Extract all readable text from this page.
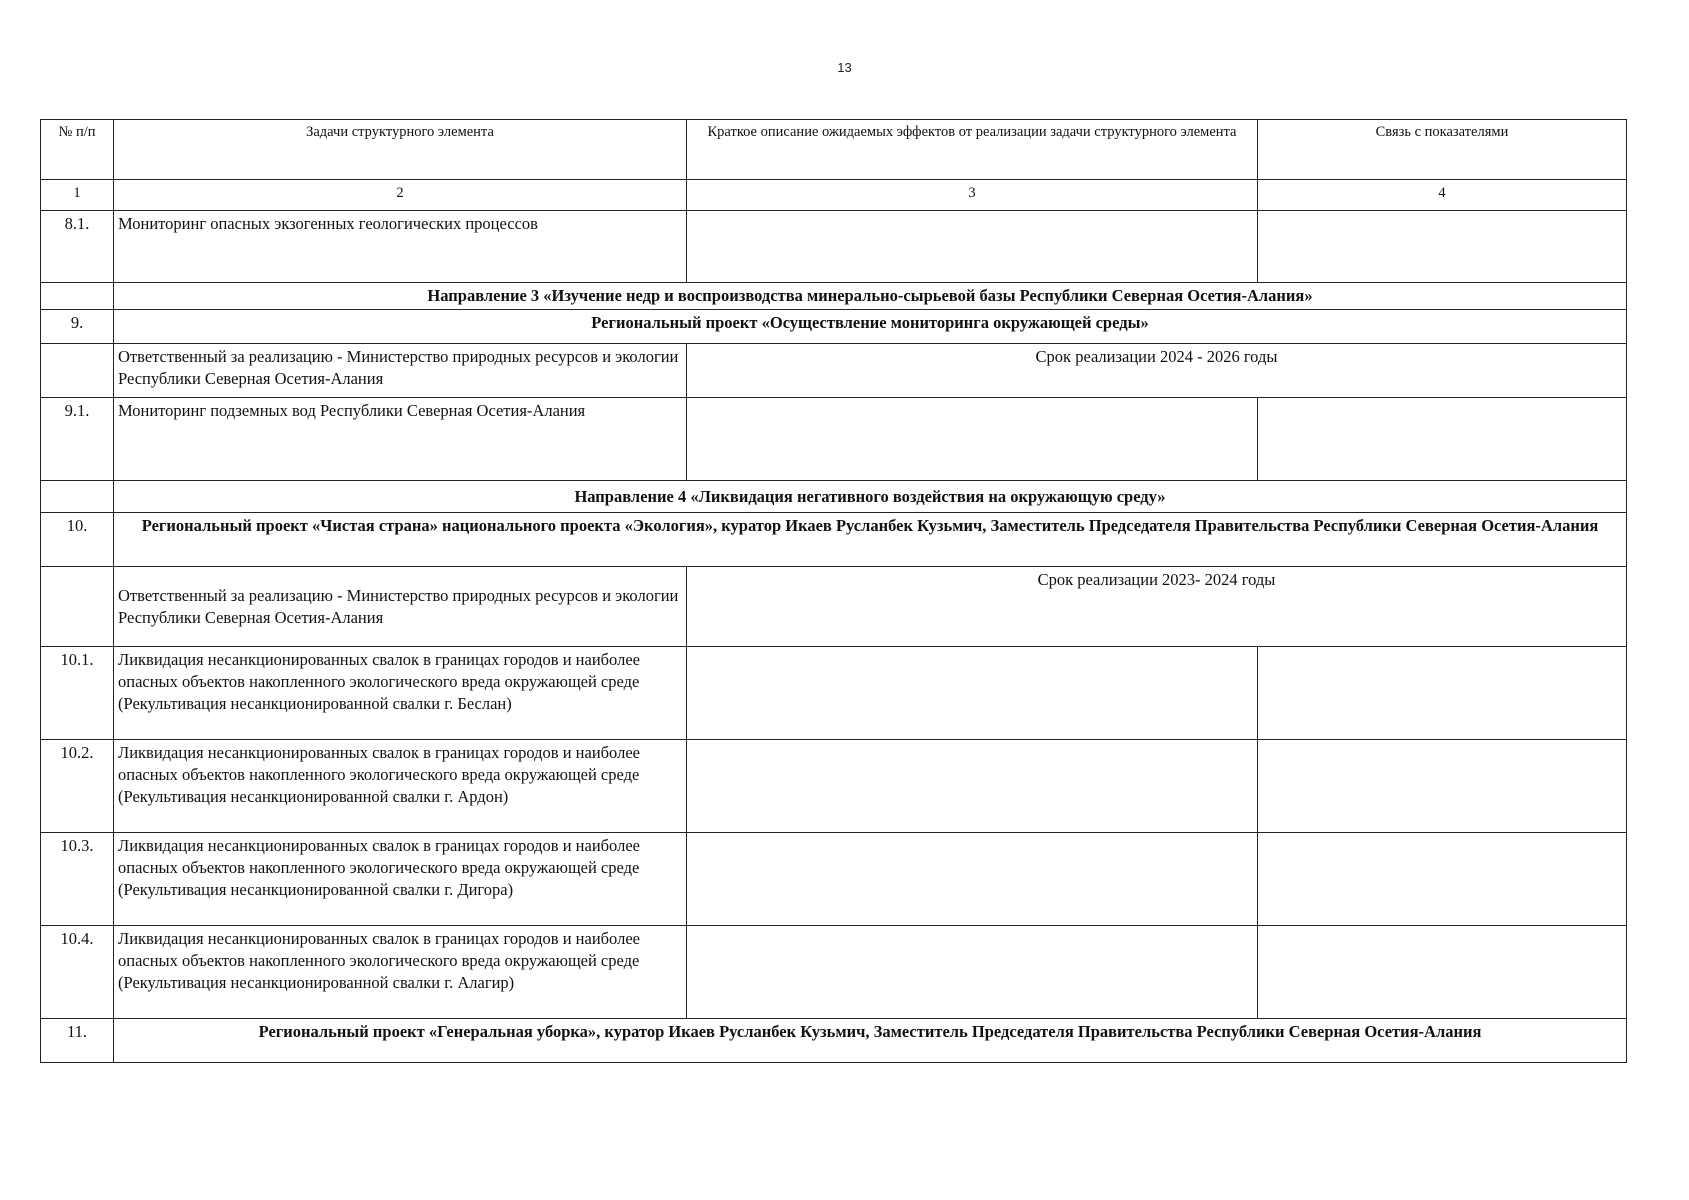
13
№ п/п	Задачи структурного элемента	Краткое описание ожидаемых эффектов от реализации задачи структурного элемента	Связь с показателями
1	2	3	4
8.1.	Мониторинг опасных экзогенных геологических процессов		
	Направление 3 «Изучение недр и воспроизводства минерально-сырьевой базы Республики Северная Осетия-Алания»		
9.	Региональный проект «Осуществление мониторинга окружающей среды»		
	Ответственный за реализацию - Министерство природных ресурсов и экологии Республики Северная Осетия-Алания	Срок реализации 2024 - 2026 годы	
9.1.	Мониторинг подземных вод Республики Северная Осетия-Алания		
	Направление 4 «Ликвидация негативного воздействия на окружающую среду»		
10.	Региональный проект «Чистая страна» национального проекта «Экология», куратор Икаев Русланбек Кузьмич, Заместитель Председателя Правительства Республики Северная Осетия-Алания		
	Ответственный за реализацию - Министерство природных ресурсов и экологии Республики Северная Осетия-Алания	Срок реализации 2023- 2024 годы	
10.1.	Ликвидация несанкционированных свалок в границах городов и наиболее опасных объектов накопленного экологического вреда окружающей среде (Рекультивация несанкционированной свалки г. Беслан)		
10.2.	Ликвидация несанкционированных свалок в границах городов и наиболее опасных объектов накопленного экологического вреда окружающей среде (Рекультивация несанкционированной свалки г. Ардон)		
10.3.	Ликвидация несанкционированных свалок в границах городов и наиболее опасных объектов накопленного экологического вреда окружающей среде (Рекультивация несанкционированной свалки г. Дигора)		
10.4.	Ликвидация несанкционированных свалок в границах городов и наиболее опасных объектов накопленного экологического вреда окружающей среде (Рекультивация несанкционированной свалки г. Алагир)		
11.	Региональный проект «Генеральная уборка», куратор Икаев Русланбек Кузьмич, Заместитель Председателя Правительства Республики Северная Осетия-Алания		
